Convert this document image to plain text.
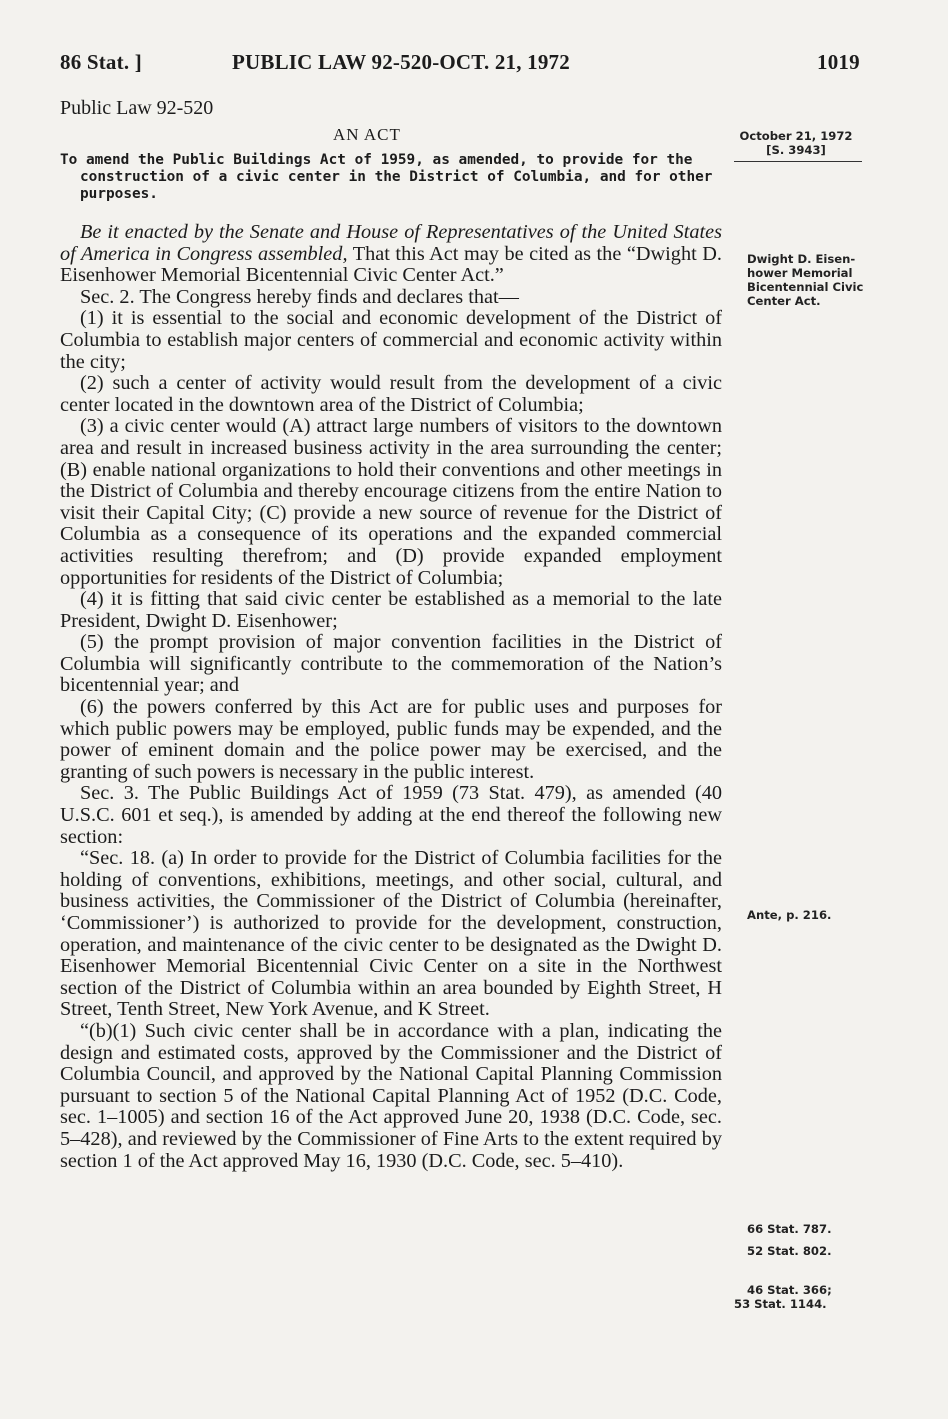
86 Stat. ]	PUBLIC LAW 92-520-OCT. 21, 1972	1019
Public Law 92-520
AN ACT
To amend the Public Buildings Act of 1959, as amended, to provide for the
construction of a civic center in the District of Columbia, and for other
purposes.
October 21, 1972
[S. 3943]
Dwight D. Eisen-
hower Memorial
Bicentennial Civic
Center Act.
Ante, p. 216.
66 Stat. 787.
52 Stat. 802.
46 Stat. 366;
53 Stat. 1144.

Be it enacted by the Senate and House of Representatives of the United States of America in Congress assembled, That this Act may be cited as the “Dwight D. Eisenhower Memorial Bicentennial Civic Center Act.”

Sec. 2. The Congress hereby finds and declares that—

(1) it is essential to the social and economic development of the District of Columbia to establish major centers of commercial and economic activity within the city;

(2) such a center of activity would result from the development of a civic center located in the downtown area of the District of Columbia;

(3) a civic center would (A) attract large numbers of visitors to the downtown area and result in increased business activity in the area surrounding the center; (B) enable national organizations to hold their conventions and other meetings in the District of Columbia and thereby encourage citizens from the entire Nation to visit their Capital City; (C) provide a new source of revenue for the District of Columbia as a consequence of its operations and the expanded commercial activities resulting therefrom; and (D) provide expanded employment opportunities for residents of the District of Columbia;

(4) it is fitting that said civic center be established as a memorial to the late President, Dwight D. Eisenhower;

(5) the prompt provision of major convention facilities in the District of Columbia will significantly contribute to the commemoration of the Nation’s bicentennial year; and

(6) the powers conferred by this Act are for public uses and purposes for which public powers may be employed, public funds may be expended, and the power of eminent domain and the police power may be exercised, and the granting of such powers is necessary in the public interest.

Sec. 3. The Public Buildings Act of 1959 (73 Stat. 479), as amended (40 U.S.C. 601 et seq.), is amended by adding at the end thereof the following new section:

“Sec. 18. (a) In order to provide for the District of Columbia facilities for the holding of conventions, exhibitions, meetings, and other social, cultural, and business activities, the Commissioner of the District of Columbia (hereinafter, ‘Commissioner’) is authorized to provide for the development, construction, operation, and maintenance of the civic center to be designated as the Dwight D. Eisenhower Memorial Bicentennial Civic Center on a site in the Northwest section of the District of Columbia within an area bounded by Eighth Street, H Street, Tenth Street, New York Avenue, and K Street.

“(b)(1) Such civic center shall be in accordance with a plan, indicating the design and estimated costs, approved by the Commissioner and the District of Columbia Council, and approved by the National Capital Planning Commission pursuant to section 5 of the National Capital Planning Act of 1952 (D.C. Code, sec. 1–1005) and section 16 of the Act approved June 20, 1938 (D.C. Code, sec. 5–428), and reviewed by the Commissioner of Fine Arts to the extent required by section 1 of the Act approved May 16, 1930 (D.C. Code, sec. 5–410).
